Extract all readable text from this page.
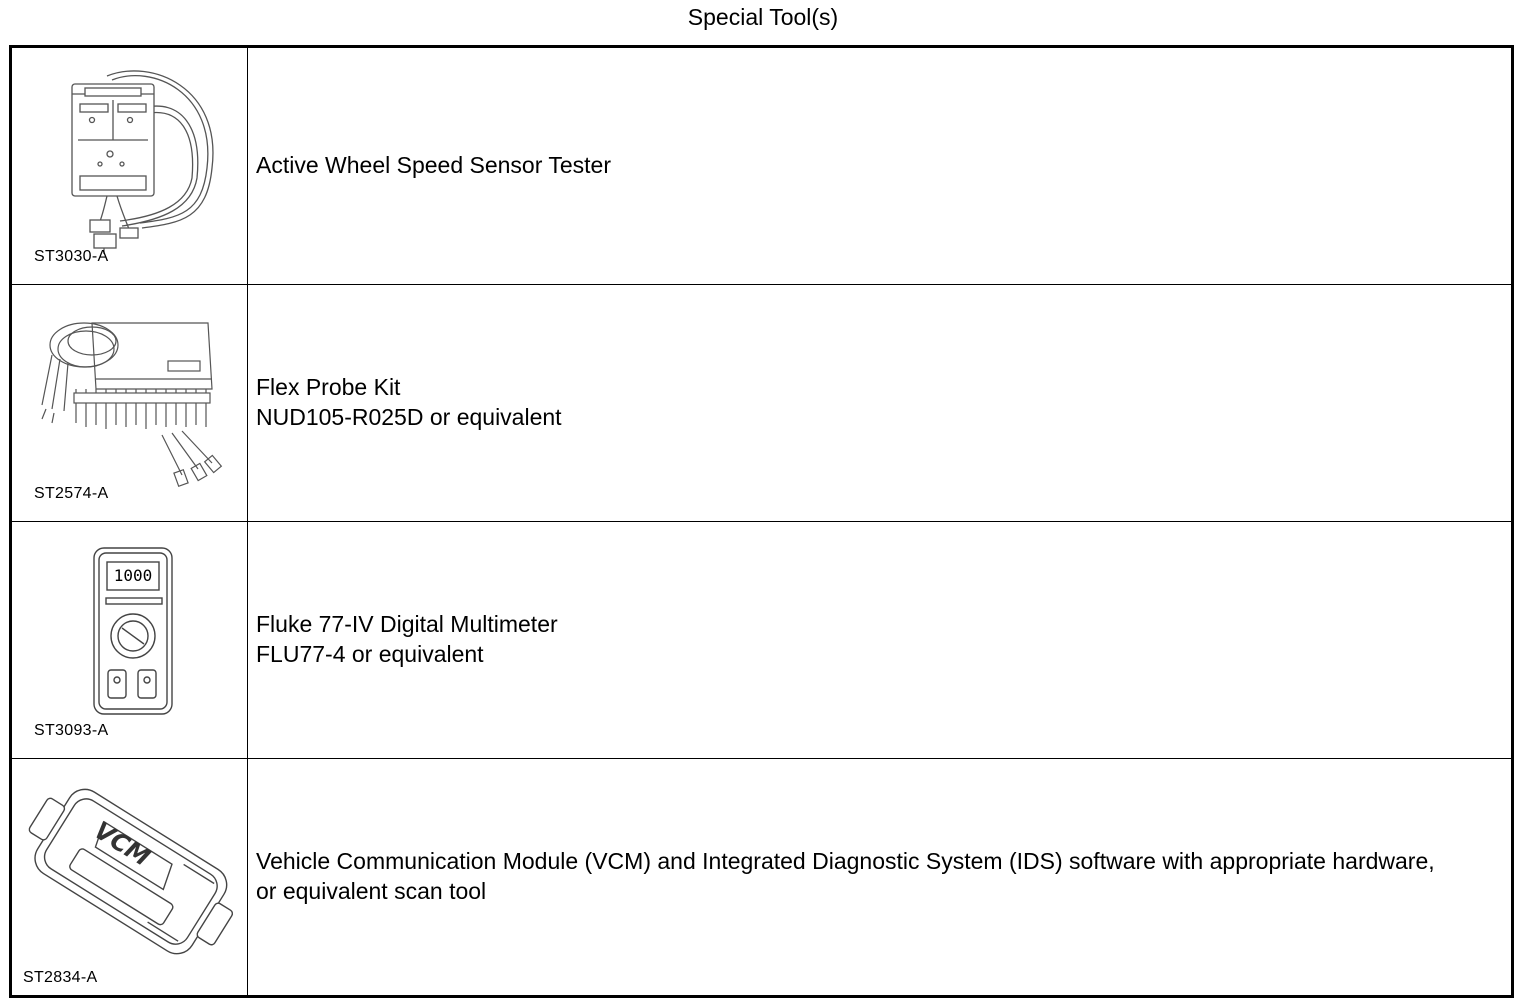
Special Tool(s)
ST3030-A
Active Wheel Speed Sensor Tester
ST2574-A
Flex Probe Kit
NUD105-R025D or equivalent
1000
ST3093-A
Fluke 77-IV Digital Multimeter
FLU77-4 or equivalent
VCM
ST2834-A
Vehicle Communication Module (VCM) and Integrated Diagnostic System (IDS) software with appropriate hardware, or equivalent scan tool
